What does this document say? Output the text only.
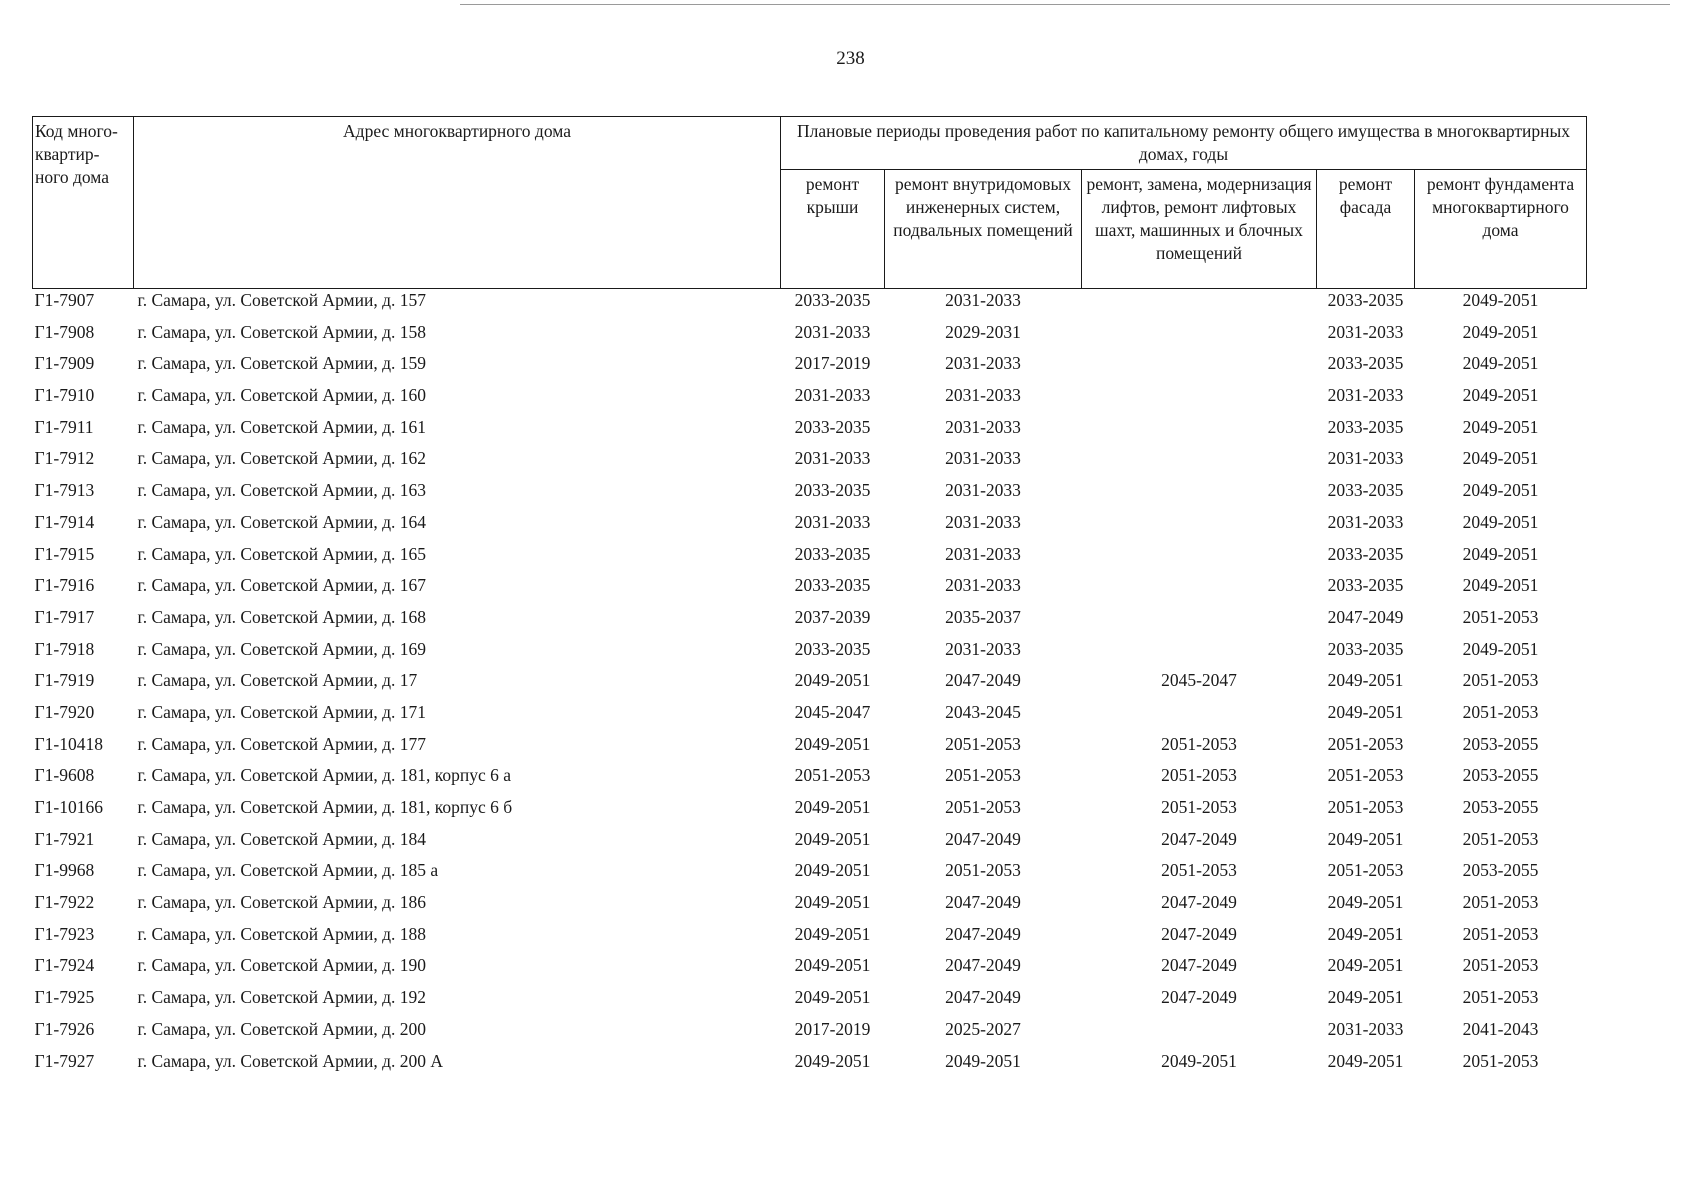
238
Код много-квартир-ного дома	Адрес многоквартирного дома	Плановые периоды проведения работ по капитальному ремонту общего имущества в многоквартирных домах, годы				
		ремонт крыши	ремонт внутридомовых инженерных систем, подвальных помещений	ремонт, замена, модернизация лифтов, ремонт лифтовых шахт, машинных и блочных помещений	ремонт фасада	ремонт фундамента многоквартирного дома
Г1-7907	г. Самара, ул. Советской Армии, д. 157	2033-2035	2031-2033		2033-2035	2049-2051
Г1-7908	г. Самара, ул. Советской Армии, д. 158	2031-2033	2029-2031		2031-2033	2049-2051
Г1-7909	г. Самара, ул. Советской Армии, д. 159	2017-2019	2031-2033		2033-2035	2049-2051
Г1-7910	г. Самара, ул. Советской Армии, д. 160	2031-2033	2031-2033		2031-2033	2049-2051
Г1-7911	г. Самара, ул. Советской Армии, д. 161	2033-2035	2031-2033		2033-2035	2049-2051
Г1-7912	г. Самара, ул. Советской Армии, д. 162	2031-2033	2031-2033		2031-2033	2049-2051
Г1-7913	г. Самара, ул. Советской Армии, д. 163	2033-2035	2031-2033		2033-2035	2049-2051
Г1-7914	г. Самара, ул. Советской Армии, д. 164	2031-2033	2031-2033		2031-2033	2049-2051
Г1-7915	г. Самара, ул. Советской Армии, д. 165	2033-2035	2031-2033		2033-2035	2049-2051
Г1-7916	г. Самара, ул. Советской Армии, д. 167	2033-2035	2031-2033		2033-2035	2049-2051
Г1-7917	г. Самара, ул. Советской Армии, д. 168	2037-2039	2035-2037		2047-2049	2051-2053
Г1-7918	г. Самара, ул. Советской Армии, д. 169	2033-2035	2031-2033		2033-2035	2049-2051
Г1-7919	г. Самара, ул. Советской Армии, д. 17	2049-2051	2047-2049	2045-2047	2049-2051	2051-2053
Г1-7920	г. Самара, ул. Советской Армии, д. 171	2045-2047	2043-2045		2049-2051	2051-2053
Г1-10418	г. Самара, ул. Советской Армии, д. 177	2049-2051	2051-2053	2051-2053	2051-2053	2053-2055
Г1-9608	г. Самара, ул. Советской Армии, д. 181, корпус 6 а	2051-2053	2051-2053	2051-2053	2051-2053	2053-2055
Г1-10166	г. Самара, ул. Советской Армии, д. 181, корпус 6 б	2049-2051	2051-2053	2051-2053	2051-2053	2053-2055
Г1-7921	г. Самара, ул. Советской Армии, д. 184	2049-2051	2047-2049	2047-2049	2049-2051	2051-2053
Г1-9968	г. Самара, ул. Советской Армии, д. 185 а	2049-2051	2051-2053	2051-2053	2051-2053	2053-2055
Г1-7922	г. Самара, ул. Советской Армии, д. 186	2049-2051	2047-2049	2047-2049	2049-2051	2051-2053
Г1-7923	г. Самара, ул. Советской Армии, д. 188	2049-2051	2047-2049	2047-2049	2049-2051	2051-2053
Г1-7924	г. Самара, ул. Советской Армии, д. 190	2049-2051	2047-2049	2047-2049	2049-2051	2051-2053
Г1-7925	г. Самара, ул. Советской Армии, д. 192	2049-2051	2047-2049	2047-2049	2049-2051	2051-2053
Г1-7926	г. Самара, ул. Советской Армии, д. 200	2017-2019	2025-2027		2031-2033	2041-2043
Г1-7927	г. Самара, ул. Советской Армии, д. 200 А	2049-2051	2049-2051	2049-2051	2049-2051	2051-2053
